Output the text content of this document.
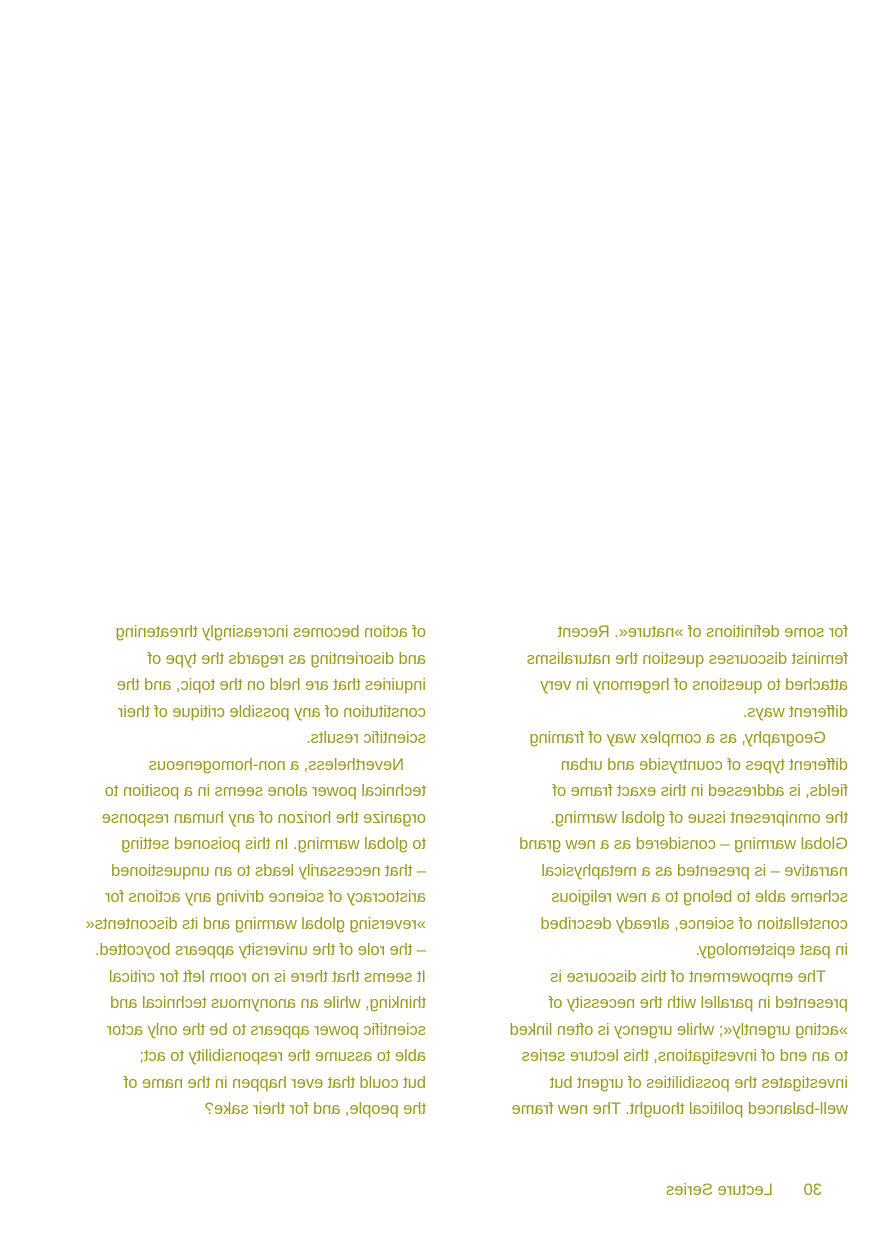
for some definitions of »nature«. Recent
feminist discourses question the naturalisms
attached to questions of hegemony in very
different ways.
Geography, as a complex way of framing
different types of countryside and urban
fields, is addressed in this exact frame of
the omnipresent issue of global warming.
Global warming – considered as a new grand
narrative – is presented as a metaphysical
scheme able to belong to a new religious
constellation of science, already described
in past epistemology.
The empowerment of this discourse is
presented in parallel with the necessity of
»acting urgently«; while urgency is often linked
to an end of investigations, this lecture series
investigates the possibilities of urgent but
well-balanced political thought. The new frame
of action becomes increasingly threatening
and disorienting as regards the type of
inquiries that are held on the topic, and the
constitution of any possible critique of their
scientific results.
Nevertheless, a non-homogeneous
technical power alone seems in a position to
organize the horizon of any human response
to global warming. In this poisoned setting
– that necessarily leads to an unquestioned
aristocracy of science driving any actions for
»reversing global warming and its discontents«
– the role of the university appears boycotted.
It seems that there is no room left for critical
thinking, while an anonymous technical and
scientific power appears to be the only actor
able to assume the responsibility to act;
but could that ever happen in the name of
the people, and for their sake?
30 Lecture Series
